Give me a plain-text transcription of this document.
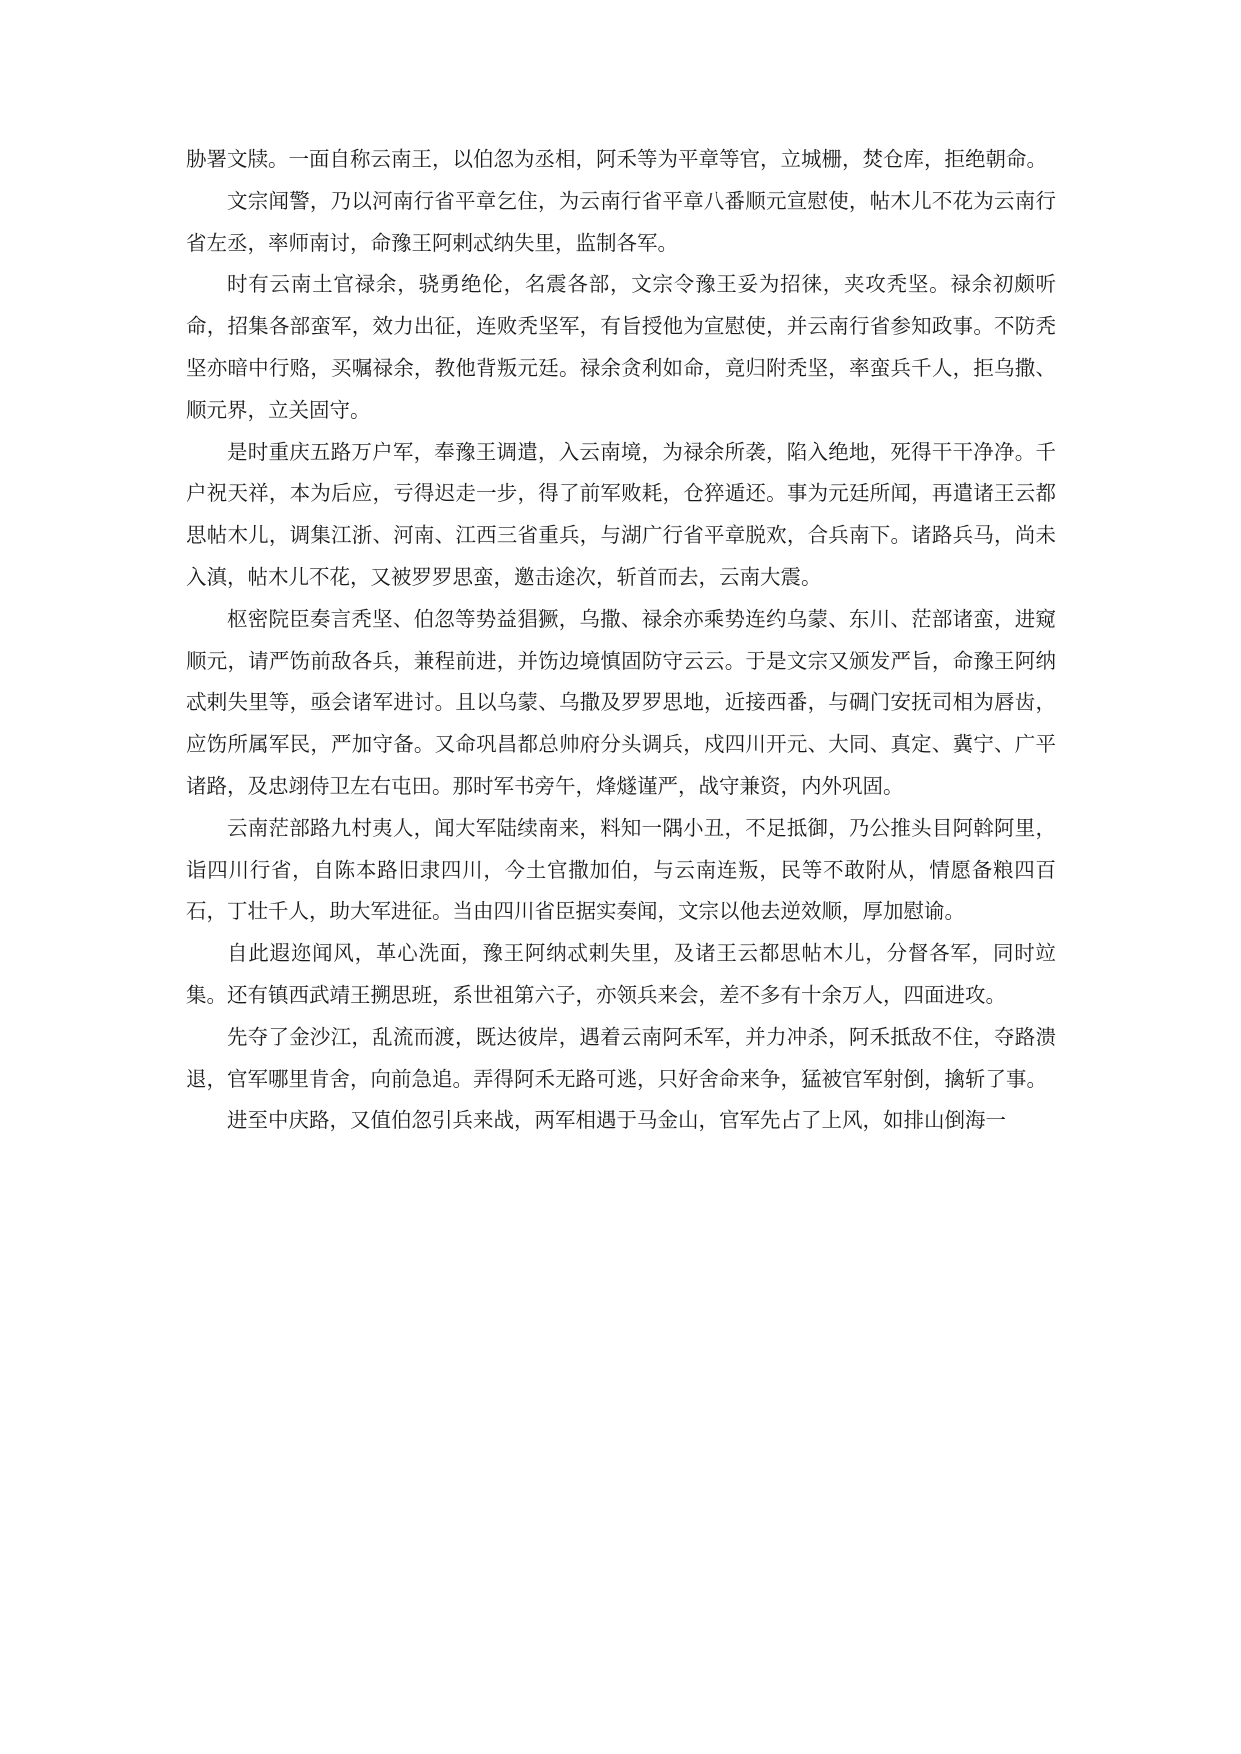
胁署文牍。一面自称云南王，以伯忽为丞相，阿禾等为平章等官，立城栅，焚仓库，拒绝朝命。

文宗闻警，乃以河南行省平章乞住，为云南行省平章八番顺元宣慰使，帖木儿不花为云南行省左丞，率师南讨，命豫王阿剌忒纳失里，监制各军。

时有云南土官禄余，骁勇绝伦，名震各部，文宗令豫王妥为招徕，夹攻秃坚。禄余初颇听命，招集各部蛮军，效力出征，连败秃坚军，有旨授他为宣慰使，并云南行省参知政事。不防秃坚亦暗中行赂，买嘱禄余，教他背叛元廷。禄余贪利如命，竟归附秃坚，率蛮兵千人，拒乌撒、顺元界，立关固守。

是时重庆五路万户军，奉豫王调遣，入云南境，为禄余所袭，陷入绝地，死得干干净净。千户祝天祥，本为后应，亏得迟走一步，得了前军败耗，仓猝遁还。事为元廷所闻，再遣诸王云都思帖木儿，调集江浙、河南、江西三省重兵，与湖广行省平章脱欢，合兵南下。诸路兵马，尚未入滇，帖木儿不花，又被罗罗思蛮，邀击途次，斩首而去，云南大震。

枢密院臣奏言秃坚、伯忽等势益猖獗，乌撒、禄余亦乘势连约乌蒙、东川、茫部诸蛮，进窥顺元，请严饬前敌各兵，兼程前进，并饬边境慎固防守云云。于是文宗又颁发严旨，命豫王阿纳忒剌失里等，亟会诸军进讨。且以乌蒙、乌撒及罗罗思地，近接西番，与碉门安抚司相为唇齿，应饬所属军民，严加守备。又命巩昌都总帅府分头调兵，戍四川开元、大同、真定、冀宁、广平诸路，及忠翊侍卫左右屯田。那时军书旁午，烽燧谨严，战守兼资，内外巩固。

云南茫部路九村夷人，闻大军陆续南来，料知一隅小丑，不足抵御，乃公推头目阿斡阿里，诣四川行省，自陈本路旧隶四川，今土官撒加伯，与云南连叛，民等不敢附从，情愿备粮四百石，丁壮千人，助大军进征。当由四川省臣据实奏闻，文宗以他去逆效顺，厚加慰谕。

自此遐迩闻风，革心洗面，豫王阿纳忒剌失里，及诸王云都思帖木儿，分督各军，同时竝集。还有镇西武靖王搠思班，系世祖第六子，亦领兵来会，差不多有十余万人，四面进攻。

先夺了金沙江，乱流而渡，既达彼岸，遇着云南阿禾军，并力冲杀，阿禾抵敌不住，夺路溃退，官军哪里肯舍，向前急追。弄得阿禾无路可逃，只好舍命来争，猛被官军射倒，擒斩了事。

进至中庆路，又值伯忽引兵来战，两军相遇于马金山，官军先占了上风，如排山倒海一
